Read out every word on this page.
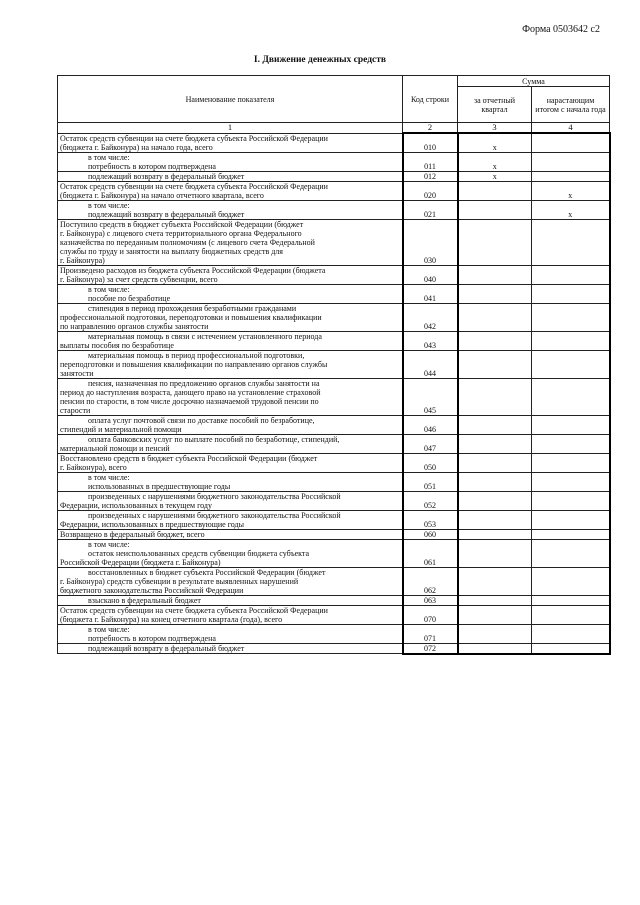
Форма 0503642 с2
I. Движение денежных средств
Наименование показателя	Код строки	Сумма	
		за отчетный квартал	нарастающим итогом с начала года
1	2	3	4

Остаток средств субвенции на счете бюджета субъекта Российской Федерации
(бюджета г. Байконура) на начало года, всего	010	x	

в том числе:
потребность в котором подтверждена	011	x	

подлежащий возврату в федеральный бюджет	012	x	

Остаток средств субвенции на счете бюджета субъекта Российской Федерации
(бюджета г. Байконура) на начало отчетного квартала, всего	020		x

в том числе:
подлежащий возврату в федеральный бюджет	021		x

Поступило средств в бюджет субъекта Российской Федерации (бюджет
г. Байконура) с лицевого счета территориального органа Федерального
казначейства по переданным полномочиям (с лицевого счета Федеральной
службы по труду и занятости на выплату бюджетных средств для
г. Байконура)	030		

Произведено расходов из бюджета субъекта Российской Федерации (бюджета
г. Байконура) за счет средств субвенции, всего	040		

в том числе:
пособие по безработице	041		

стипендия в период прохождения безработными гражданами
профессиональной подготовки, переподготовки и повышения квалификации
по направлению органов службы занятости	042		

материальная помощь в связи с истечением установленного периода
выплаты пособия по безработице	043		

материальная помощь в период профессиональной подготовки,
переподготовки и повышения квалификации по направлению органов службы
занятости	044		

пенсия, назначенная по предложению органов службы занятости на
период до наступления возраста, дающего право на установление страховой
пенсии по старости, в том числе досрочно назначаемой трудовой пенсии по
старости	045		

оплата услуг почтовой связи по доставке пособий по безработице,
стипендий и материальной помощи	046		

оплата банковских услуг по выплате пособий по безработице, стипендий,
материальной помощи и пенсий	047		

Восстановлено средств в бюджет субъекта Российской Федерации (бюджет
г. Байконура), всего	050		

в том числе:
использованных в предшествующие годы	051		

произведенных с нарушениями бюджетного законодательства Российской
Федерации, использованных в текущем году	052		

произведенных с нарушениями бюджетного законодательства Российской
Федерации, использованных в предшествующие годы	053		

Возвращено в федеральный бюджет, всего	060		

в том числе:
остаток неиспользованных средств субвенции бюджета субъекта
Российской Федерации (бюджета г. Байконура)	061		

восстановленных в бюджет субъекта Российской Федерации (бюджет
г. Байконура) средств субвенции в результате выявленных нарушений
бюджетного законодательства Российской Федерации	062		

взыскано в федеральный бюджет	063		

Остаток средств субвенции на счете бюджета субъекта Российской Федерации
(бюджета г. Байконура) на конец отчетного квартала (года), всего	070		

в том числе:
потребность в котором подтверждена	071		

подлежащий возврату в федеральный бюджет	072		
